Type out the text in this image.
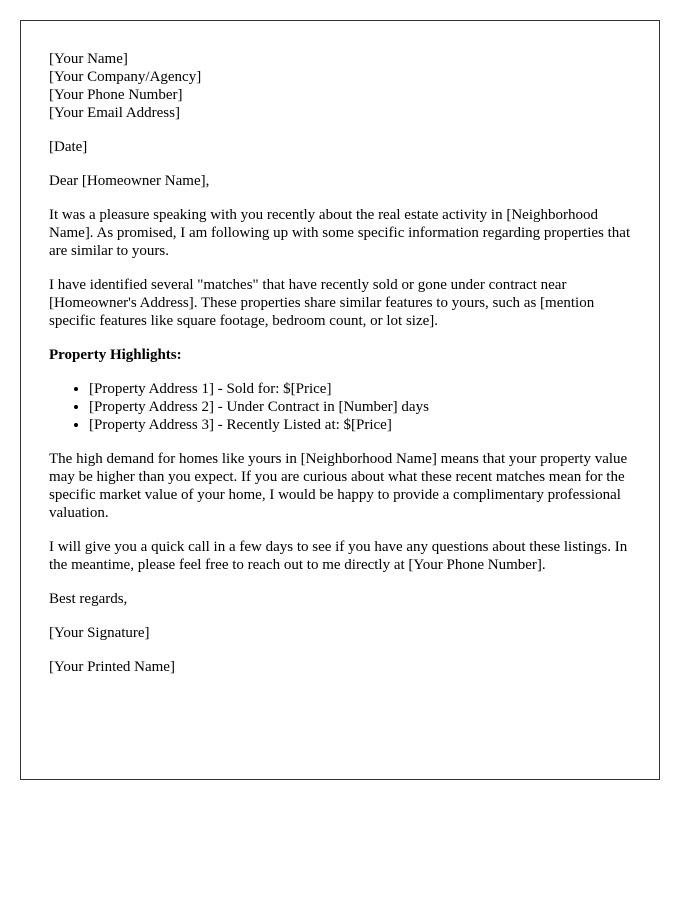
[Your Name]
[Your Company/Agency]
[Your Phone Number]
[Your Email Address]

[Date]

Dear [Homeowner Name],

It was a pleasure speaking with you recently about the real estate activity in [Neighborhood Name]. As promised, I am following up with some specific information regarding properties that are similar to yours.

I have identified several "matches" that have recently sold or gone under contract near [Homeowner's Address]. These properties share similar features to yours, such as [mention specific features like square footage, bedroom count, or lot size].

Property Highlights:

• [Property Address 1] - Sold for: $[Price]
• [Property Address 2] - Under Contract in [Number] days
• [Property Address 3] - Recently Listed at: $[Price]

The high demand for homes like yours in [Neighborhood Name] means that your property value may be higher than you expect. If you are curious about what these recent matches mean for the specific market value of your home, I would be happy to provide a complimentary professional valuation.

I will give you a quick call in a few days to see if you have any questions about these listings. In the meantime, please feel free to reach out to me directly at [Your Phone Number].

Best regards,

[Your Signature]

[Your Printed Name]
